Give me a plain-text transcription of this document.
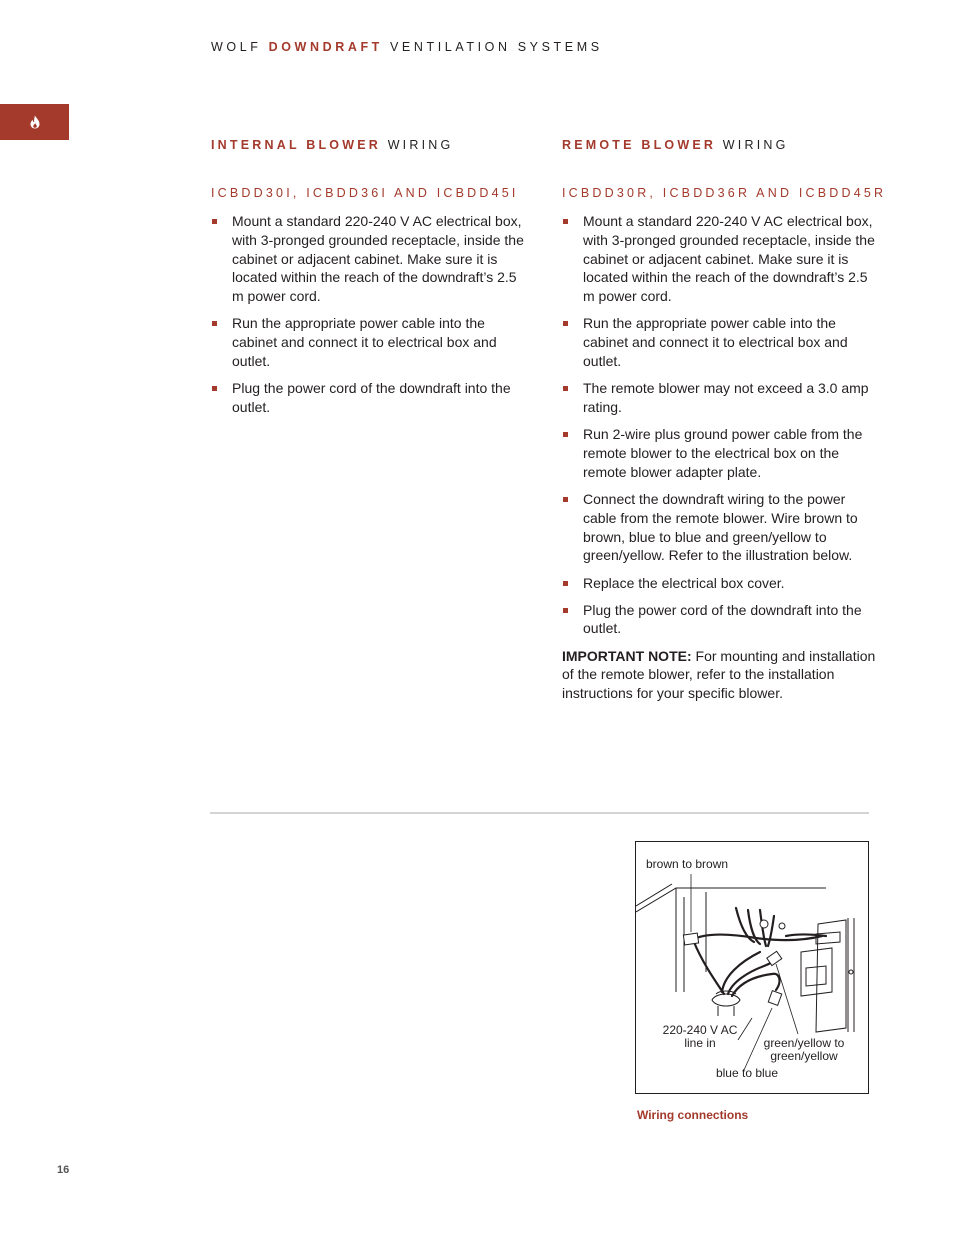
WOLF DOWNDRAFT VENTILATION SYSTEMS
INTERNAL BLOWER WIRING
ICBDD30I, ICBDD36I AND ICBDD45I
Mount a standard 220-240 V AC electrical box, with 3-pronged grounded receptacle, inside the cabinet or adjacent cabinet. Make sure it is located within the reach of the downdraft’s 2.5 m power cord.
Run the appropriate power cable into the cabinet and connect it to electrical box and outlet.
Plug the power cord of the downdraft into the outlet.
REMOTE BLOWER WIRING
ICBDD30R, ICBDD36R AND ICBDD45R
Mount a standard 220-240 V AC electrical box, with 3-pronged grounded receptacle, inside the cabinet or adjacent cabinet. Make sure it is located within the reach of the downdraft’s 2.5 m power cord.
Run the appropriate power cable into the cabinet and connect it to electrical box and outlet.
The remote blower may not exceed a 3.0 amp rating.
Run 2-wire plus ground power cable from the remote blower to the electrical box on the remote blower adapter plate.
Connect the downdraft wiring to the power cable from the remote blower. Wire brown to brown, blue to blue and green/yellow to green/yellow. Refer to the illustration below.
Replace the electrical box cover.
Plug the power cord of the downdraft into the outlet.

IMPORTANT NOTE: For mounting and installation of the remote blower, refer to the installation instructions for your specific blower.

brown to brown
220-240 V AC
line in	green/yellow to
green/yellow
blue to blue
Wiring connections
16
